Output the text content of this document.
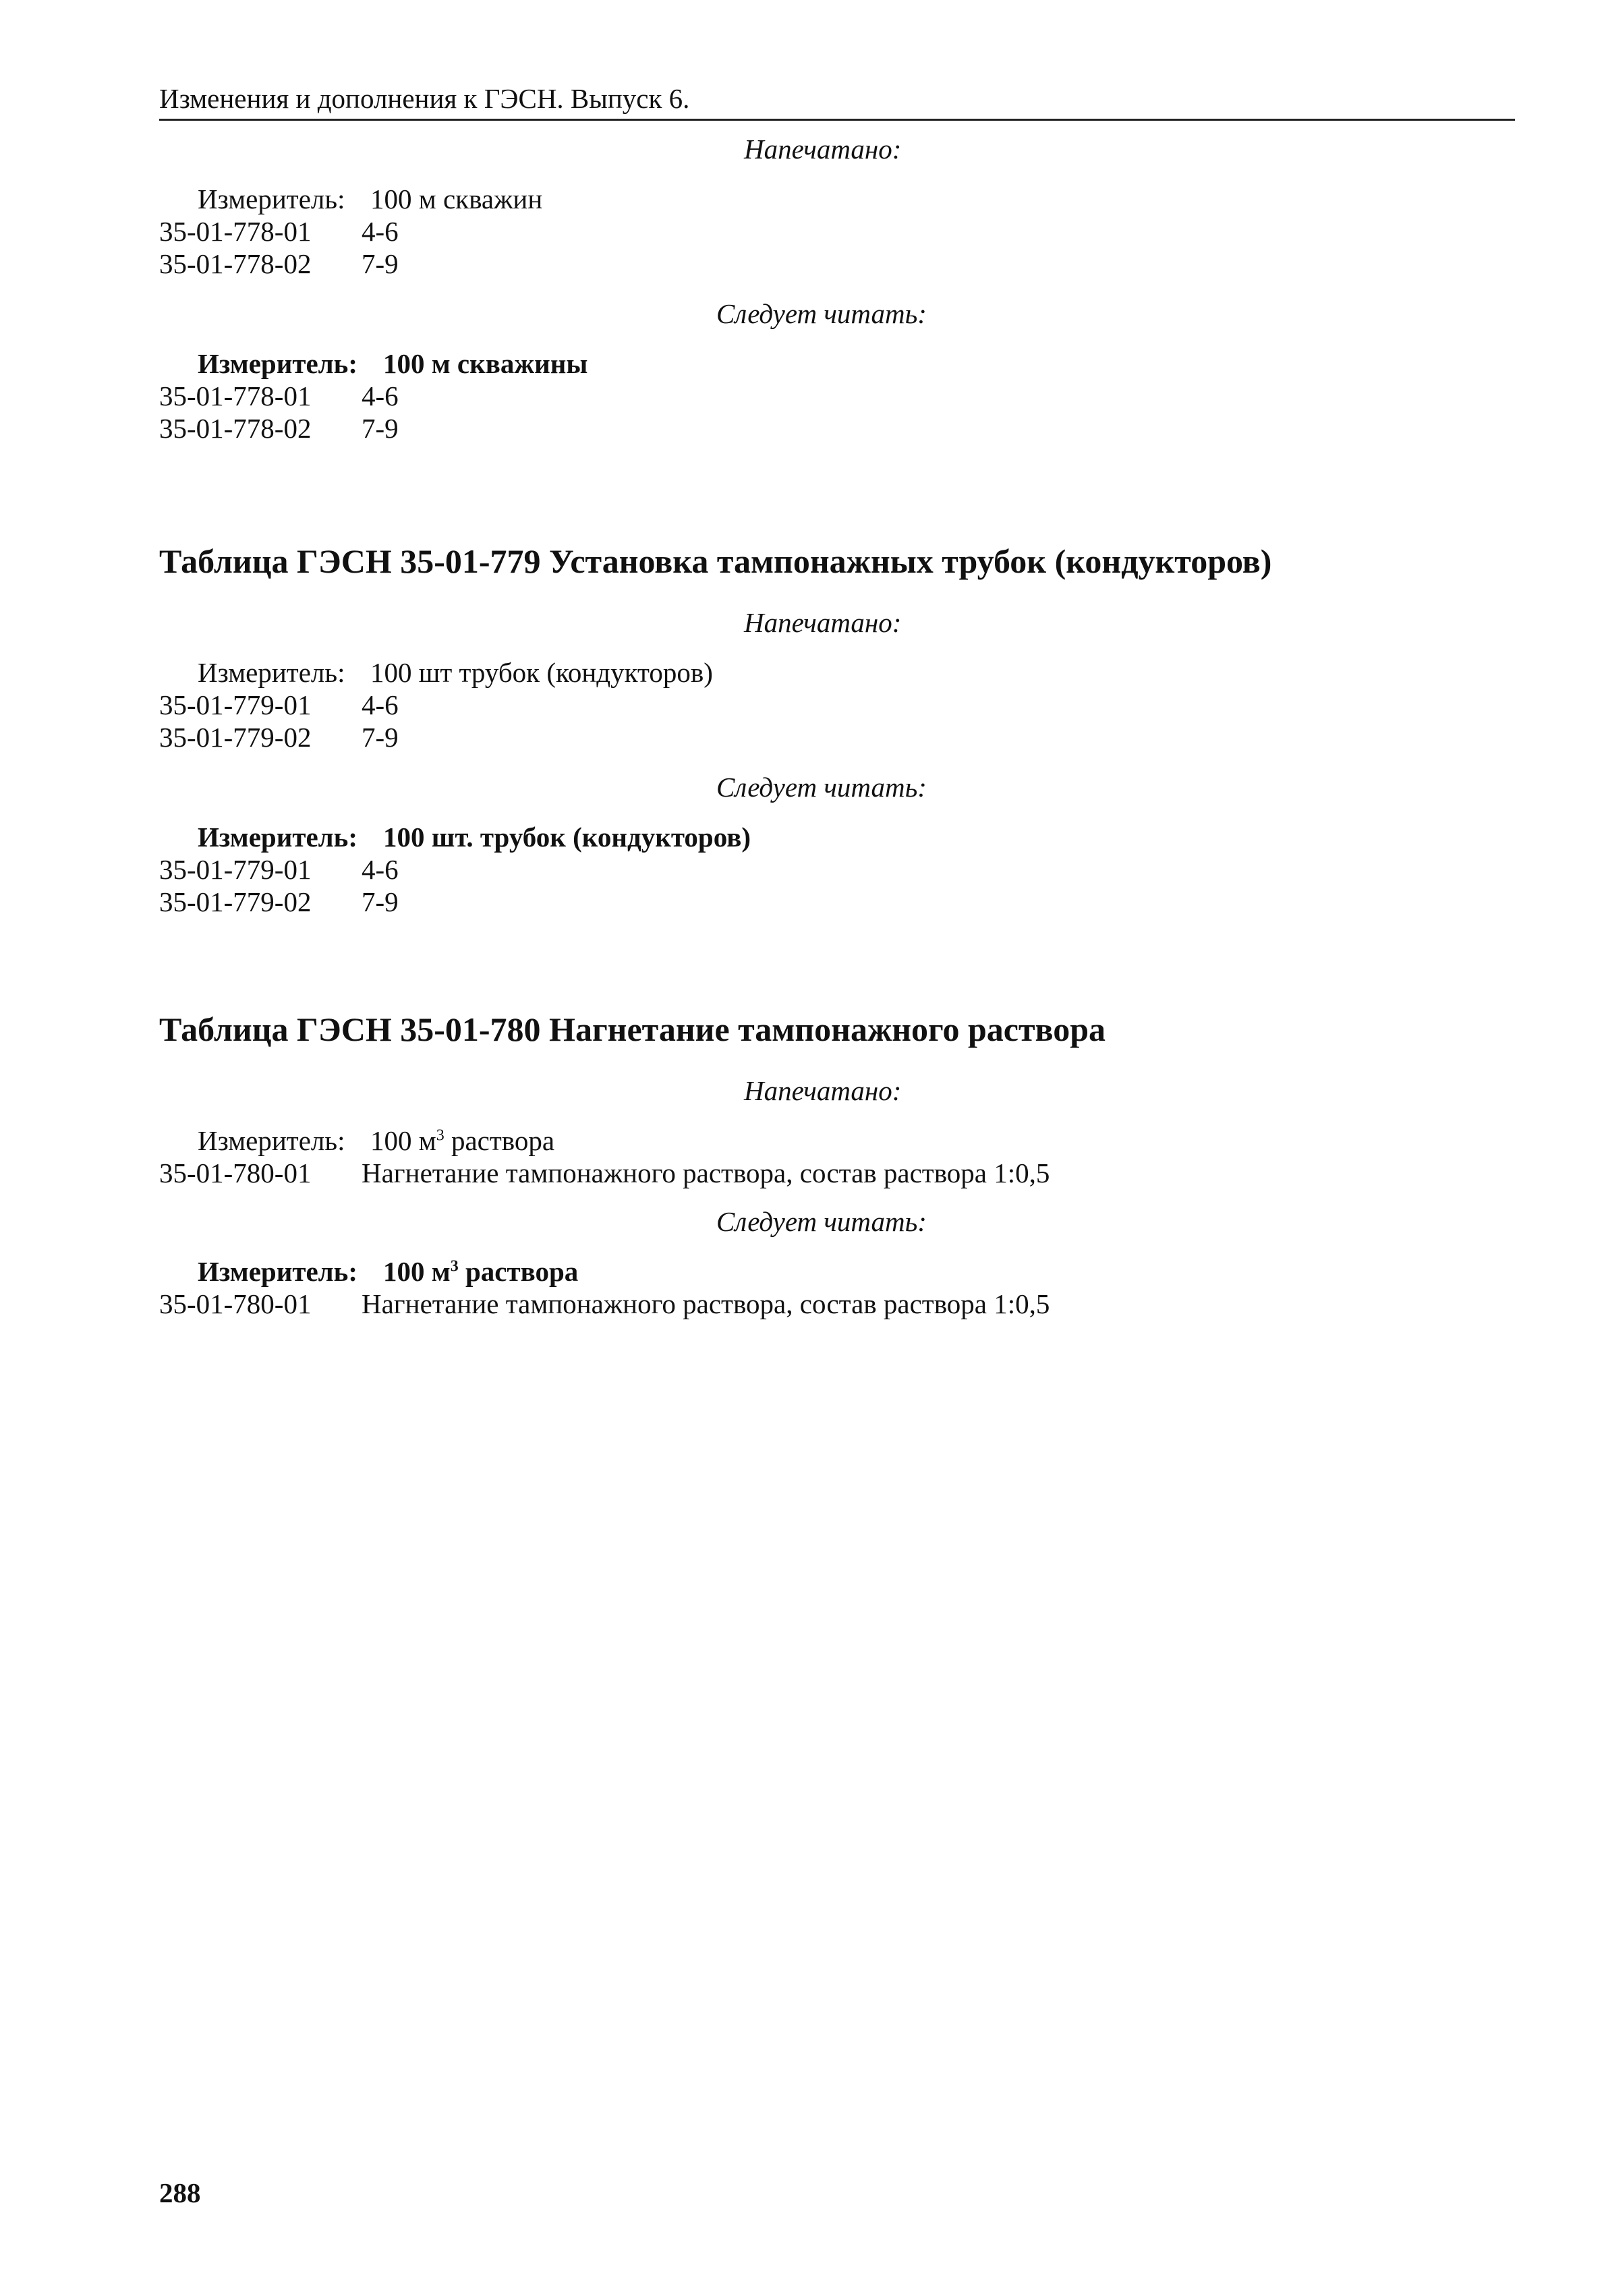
Изменения и дополнения к ГЭСН. Выпуск 6.
Напечатано:
Измеритель: 100 м скважин
35-01-778-01 4-6
35-01-778-02 7-9
Следует читать:
Измеритель: 100 м скважины
35-01-778-01 4-6
35-01-778-02 7-9
Таблица ГЭСН 35-01-779 Установка тампонажных трубок (кондукторов)
Напечатано:
Измеритель: 100 шт трубок (кондукторов)
35-01-779-01 4-6
35-01-779-02 7-9
Следует читать:
Измеритель: 100 шт. трубок (кондукторов)
35-01-779-01 4-6
35-01-779-02 7-9
Таблица ГЭСН 35-01-780 Нагнетание тампонажного раствора
Напечатано:
Измеритель: 100 $м^3$ раствора
35-01-780-01 Нагнетание тампонажного раствора, состав раствора 1:0,5
Следует читать:
Измеритель: 100 $м^3$ раствора
35-01-780-01 Нагнетание тампонажного раствора, состав раствора 1:0,5
288
